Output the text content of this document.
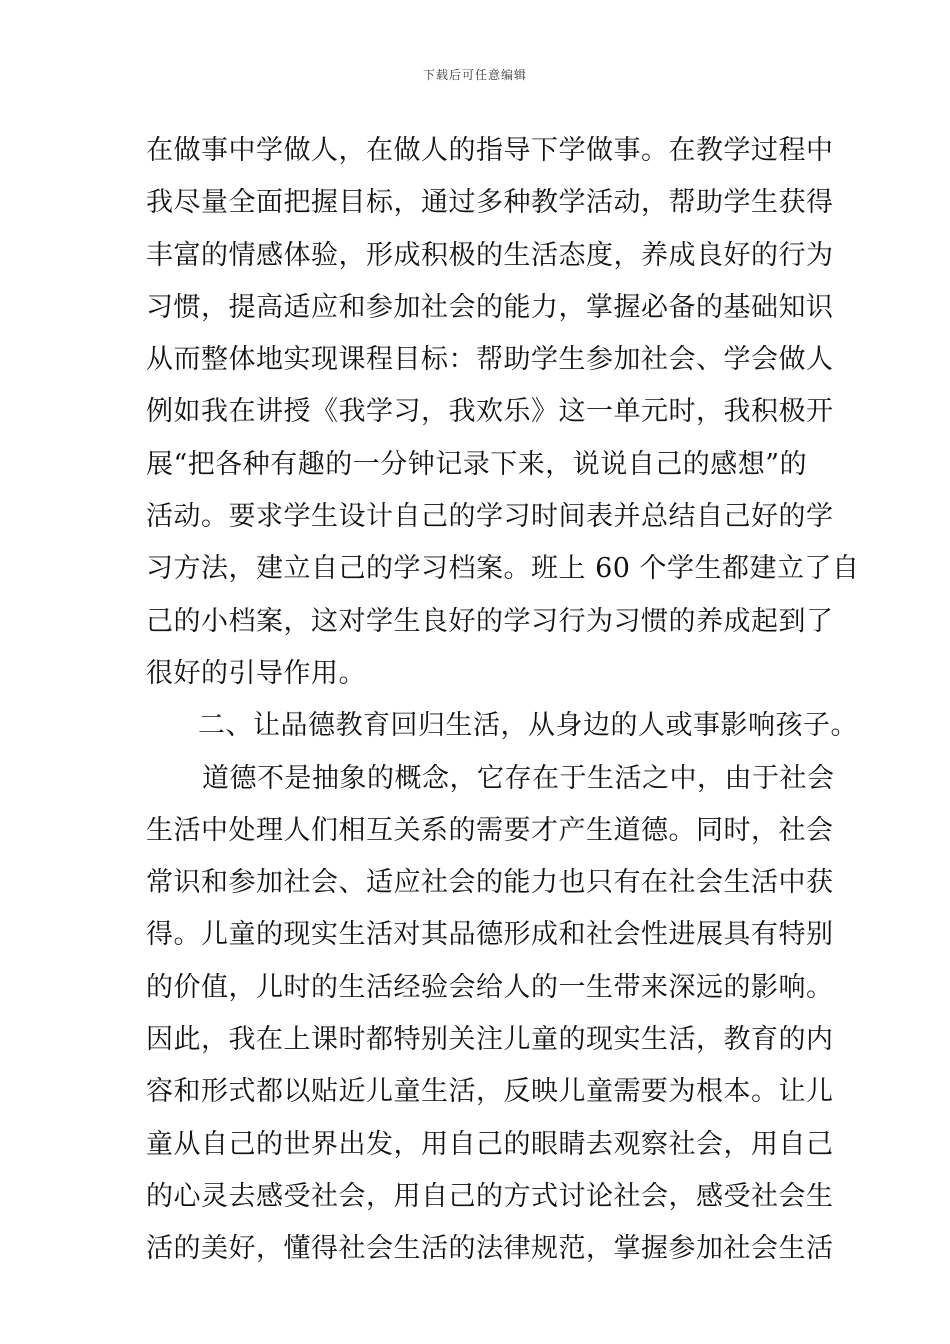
下载后可任意编辑
在做事中学做人，在做人的指导下学做事。在教学过程中
我尽量全面把握目标，通过多种教学活动，帮助学生获得
丰富的情感体验，形成积极的生活态度，养成良好的行为
习惯，提高适应和参加社会的能力，掌握必备的基础知识
从而整体地实现课程目标：帮助学生参加社会、学会做人
例如我在讲授《我学习，我欢乐》这一单元时，我积极开
展“把各种有趣的一分钟记录下来，说说自己的感想”的
活动。要求学生设计自己的学习时间表并总结自己好的学
习方法，建立自己的学习档案。班上 60 个学生都建立了自
己的小档案，这对学生良好的学习行为习惯的养成起到了
很好的引导作用。
二、让品德教育回归生活，从身边的人或事影响孩子。
道德不是抽象的概念，它存在于生活之中，由于社会
生活中处理人们相互关系的需要才产生道德。同时，社会
常识和参加社会、适应社会的能力也只有在社会生活中获
得。儿童的现实生活对其品德形成和社会性进展具有特别
的价值，儿时的生活经验会给人的一生带来深远的影响。
因此，我在上课时都特别关注儿童的现实生活，教育的内
容和形式都以贴近儿童生活，反映儿童需要为根本。让儿
童从自己的世界出发，用自己的眼睛去观察社会，用自己
的心灵去感受社会，用自己的方式讨论社会，感受社会生
活的美好，懂得社会生活的法律规范，掌握参加社会生活
